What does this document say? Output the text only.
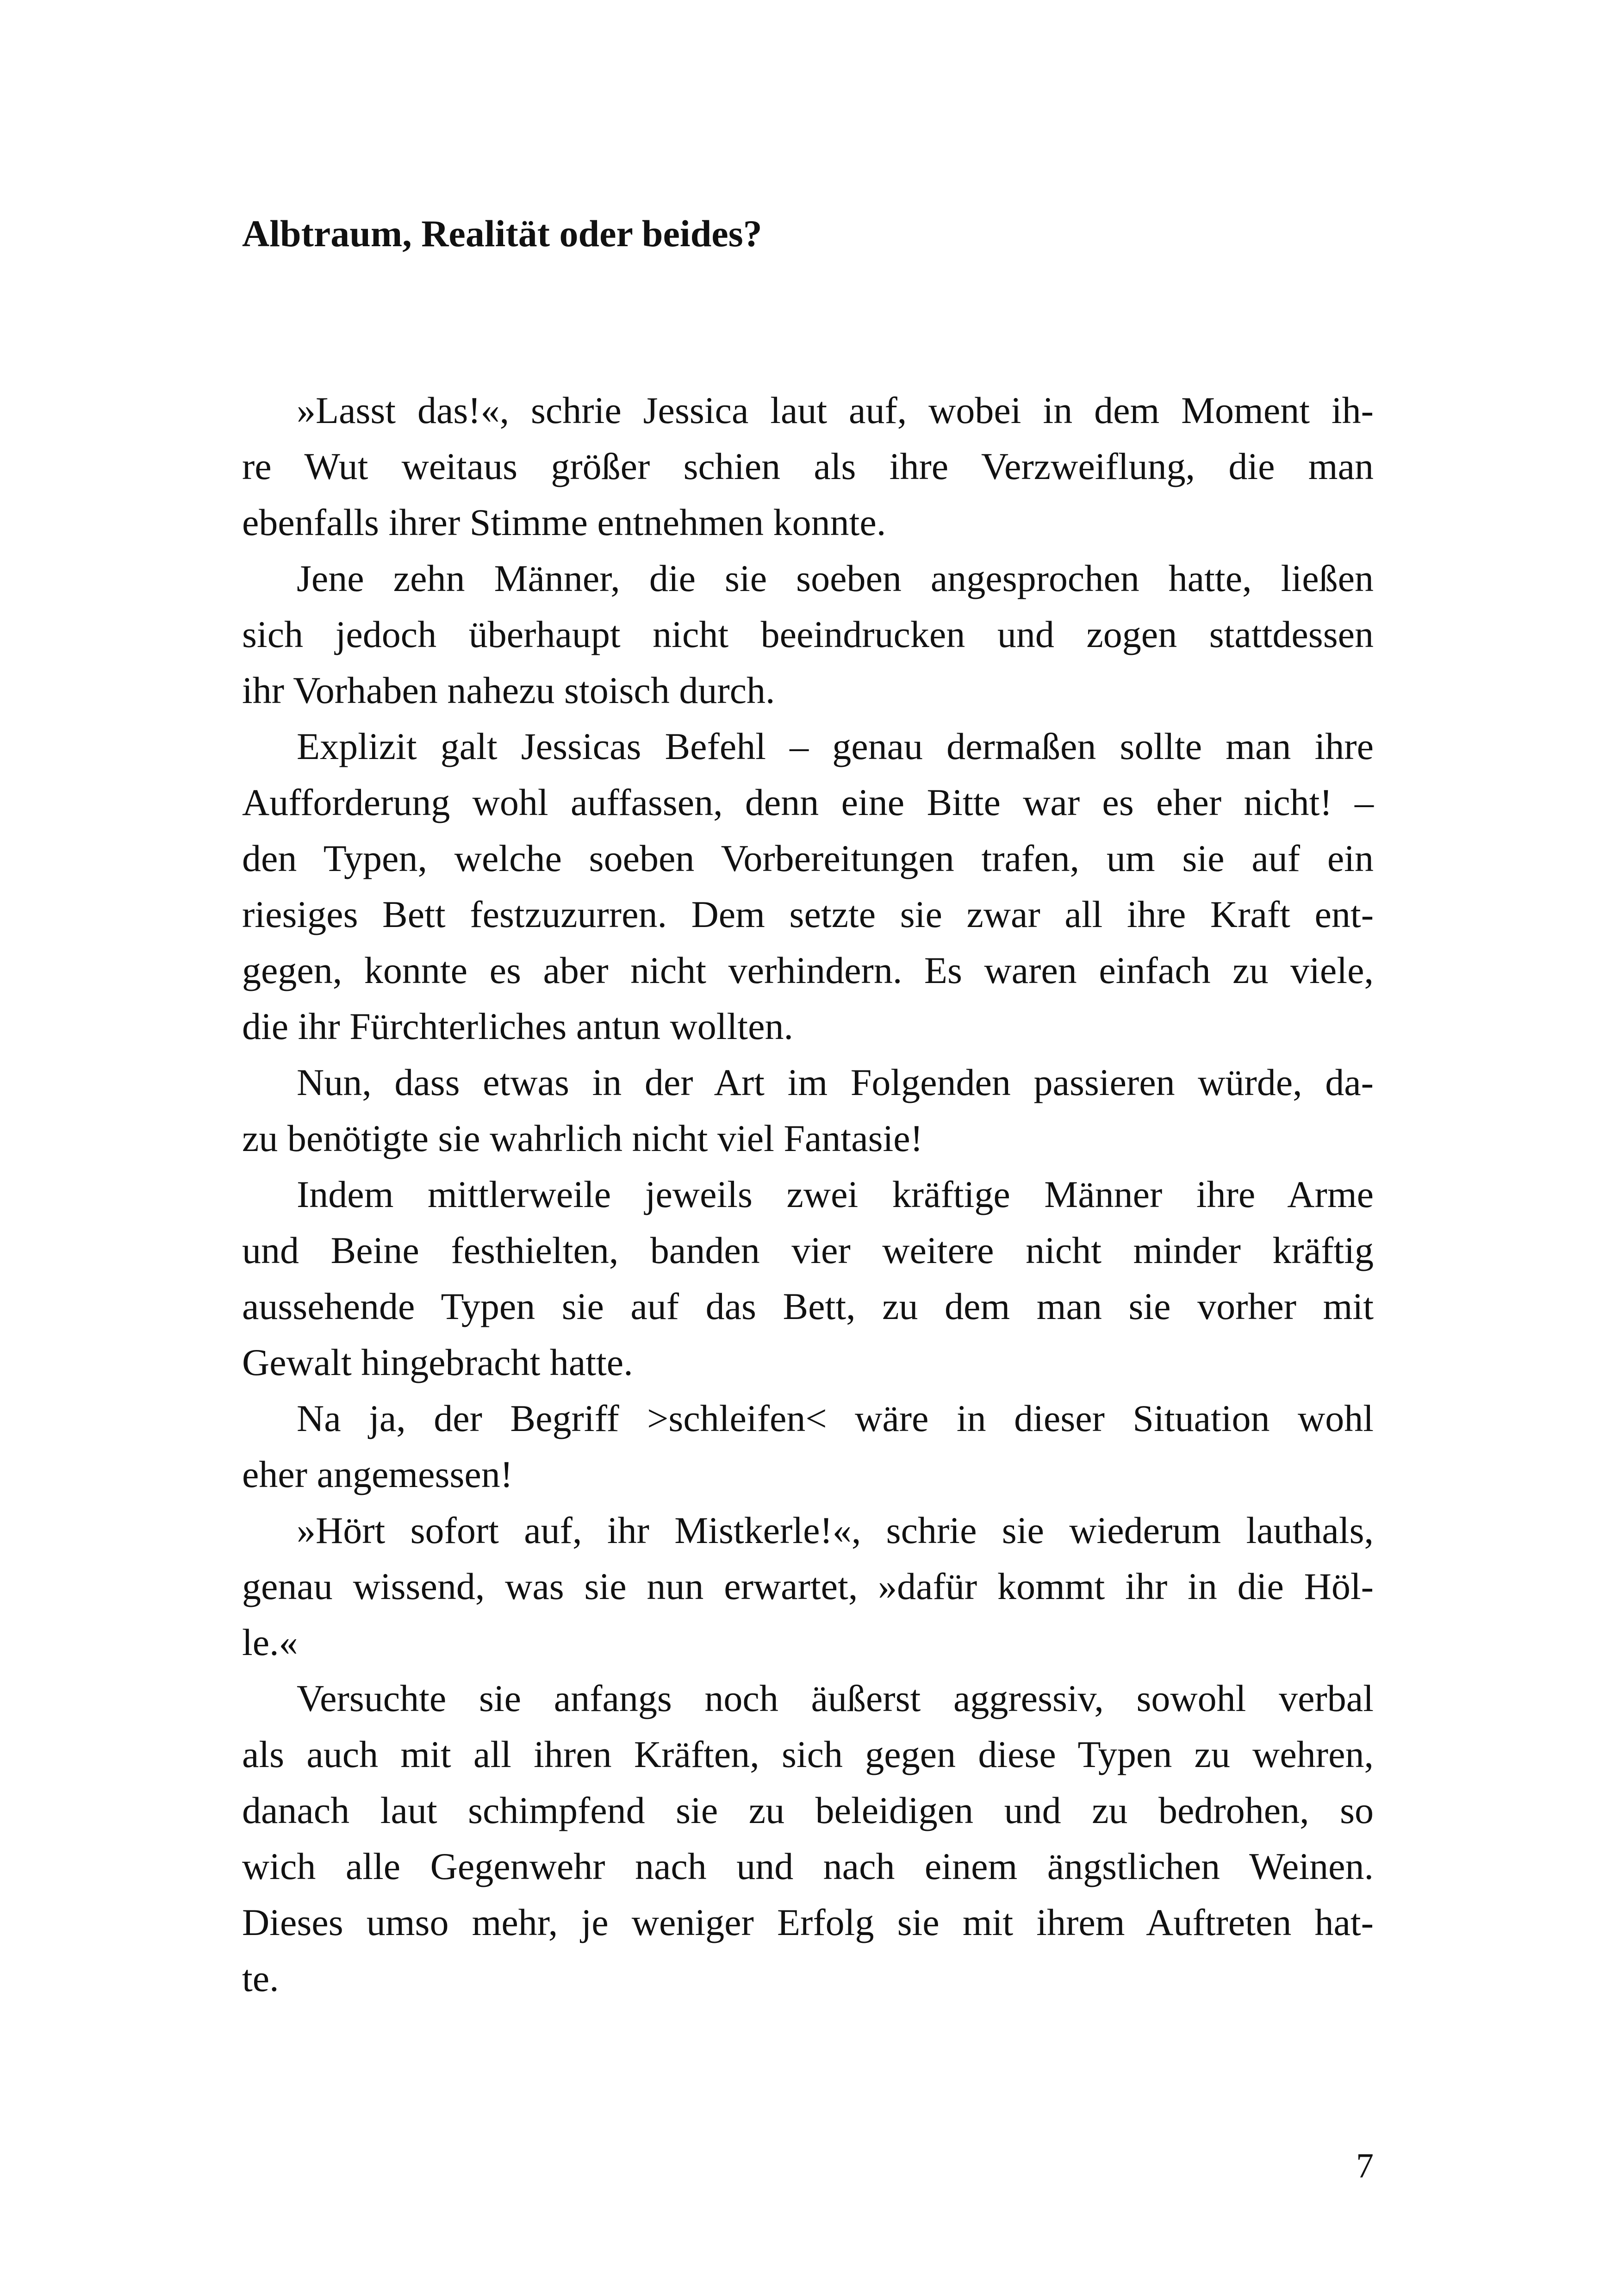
Albtraum, Realität oder beides?
»Lasst das!«, schrie Jessica laut auf, wobei in dem Moment ih-
re Wut weitaus größer schien als ihre Verzweiflung, die man
ebenfalls ihrer Stimme entnehmen konnte.
Jene zehn Männer, die sie soeben angesprochen hatte, ließen
sich jedoch überhaupt nicht beeindrucken und zogen stattdessen
ihr Vorhaben nahezu stoisch durch.
Explizit galt Jessicas Befehl – genau dermaßen sollte man ihre
Aufforderung wohl auffassen, denn eine Bitte war es eher nicht! –
den Typen, welche soeben Vorbereitungen trafen, um sie auf ein
riesiges Bett festzuzurren. Dem setzte sie zwar all ihre Kraft ent-
gegen, konnte es aber nicht verhindern. Es waren einfach zu viele,
die ihr Fürchterliches antun wollten.
Nun, dass etwas in der Art im Folgenden passieren würde, da-
zu benötigte sie wahrlich nicht viel Fantasie!
Indem mittlerweile jeweils zwei kräftige Männer ihre Arme
und Beine festhielten, banden vier weitere nicht minder kräftig
aussehende Typen sie auf das Bett, zu dem man sie vorher mit
Gewalt hingebracht hatte.
Na ja, der Begriff >schleifen< wäre in dieser Situation wohl
eher angemessen!
»Hört sofort auf, ihr Mistkerle!«, schrie sie wiederum lauthals,
genau wissend, was sie nun erwartet, »dafür kommt ihr in die Höl-
le.«
Versuchte sie anfangs noch äußerst aggressiv, sowohl verbal
als auch mit all ihren Kräften, sich gegen diese Typen zu wehren,
danach laut schimpfend sie zu beleidigen und zu bedrohen, so
wich alle Gegenwehr nach und nach einem ängstlichen Weinen.
Dieses umso mehr, je weniger Erfolg sie mit ihrem Auftreten hat-
te.
7
